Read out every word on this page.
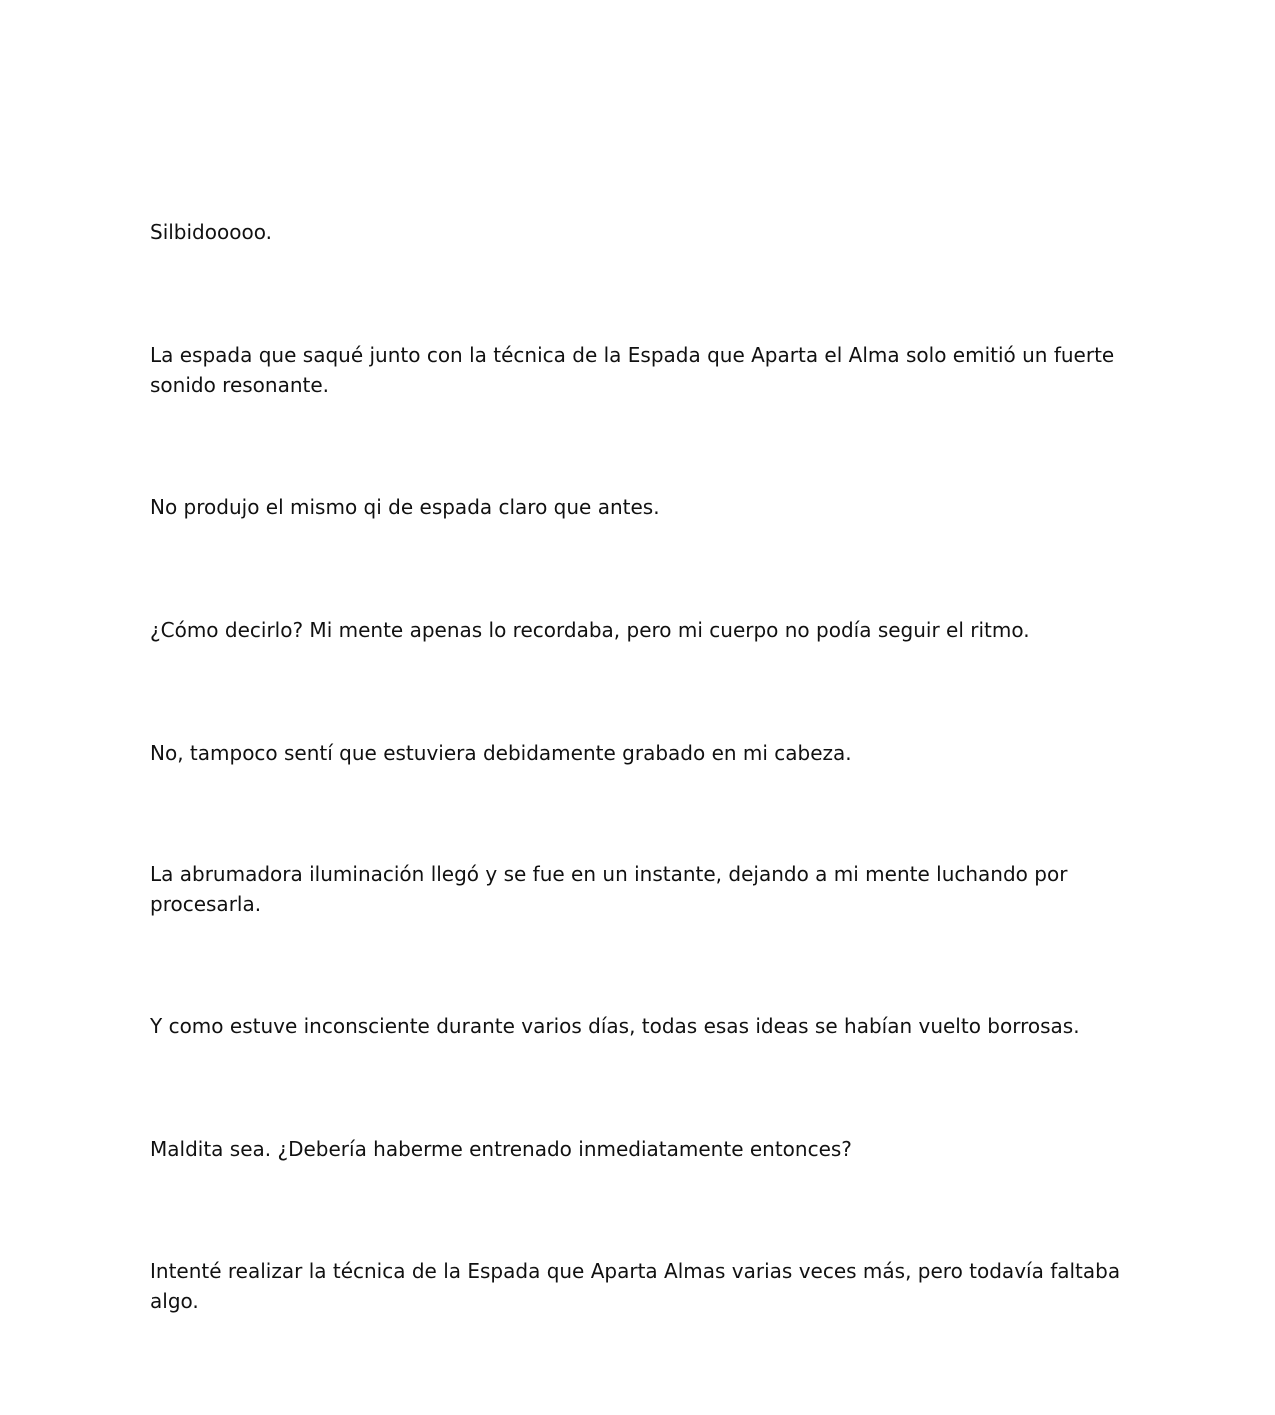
Silbidooooo.

La espada que saqué junto con la técnica de la Espada que Aparta el Alma solo emitió un fuerte sonido resonante.

No produjo el mismo qi de espada claro que antes.

¿Cómo decirlo? Mi mente apenas lo recordaba, pero mi cuerpo no podía seguir el ritmo.

No, tampoco sentí que estuviera debidamente grabado en mi cabeza.

La abrumadora iluminación llegó y se fue en un instante, dejando a mi mente luchando por procesarla.

Y como estuve inconsciente durante varios días, todas esas ideas se habían vuelto borrosas.

Maldita sea. ¿Debería haberme entrenado inmediatamente entonces?

Intenté realizar la técnica de la Espada que Aparta Almas varias veces más, pero todavía faltaba algo.
